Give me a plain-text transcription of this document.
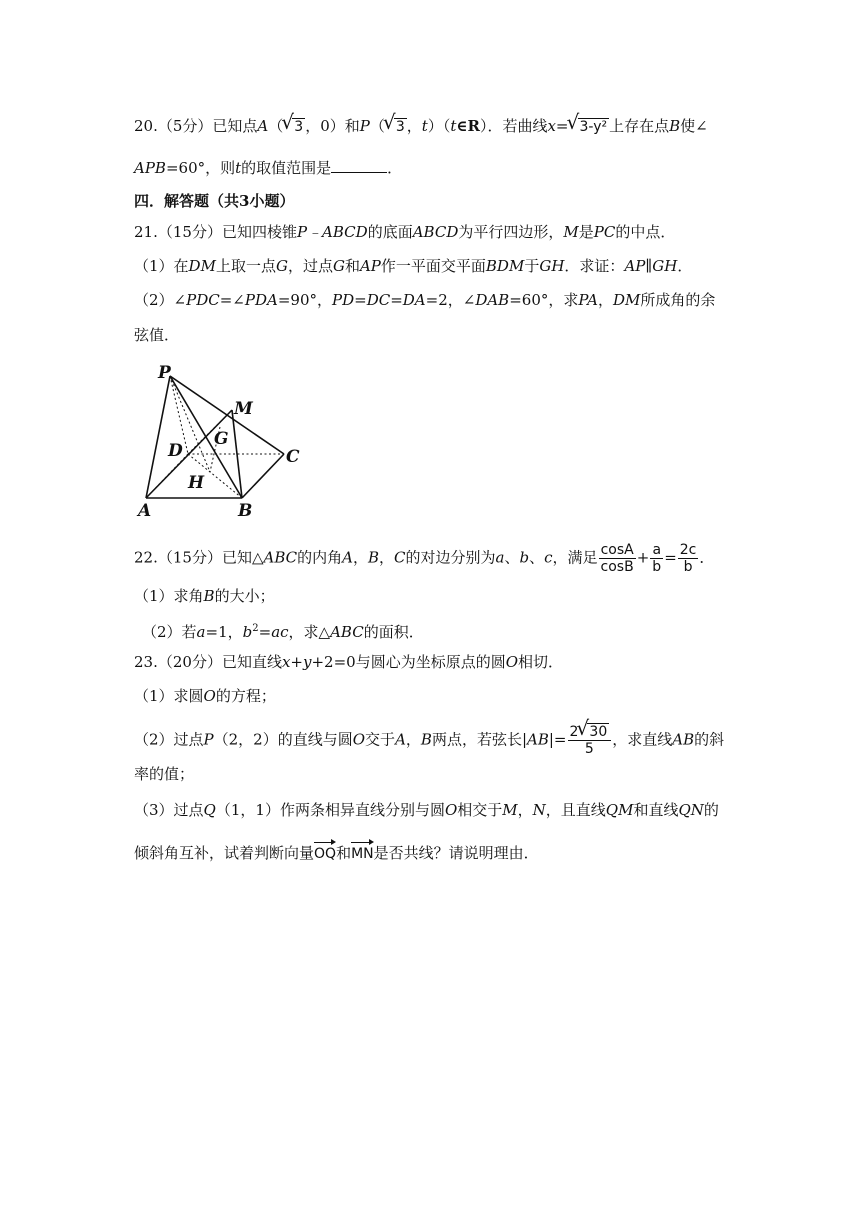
20.（5分）已知点A（ √ 3 ，0）和P（ √ 3 ，t）（t∈R）．若曲线x= √ 3-y² 上存在点B使∠
APB=60°，则t的取值范围是	．
四．解答题（共3小题）
21.（15分）已知四棱锥P﹣ABCD的底面ABCD为平行四边形，M是PC的中点．
（1）在DM上取一点G，过点G和AP作一平面交平面BDM于GH．求证：AP∥GH．
（2）∠PDC=∠PDA=90°，PD=DC=DA=2，∠DAB=60°，求PA，DM所成角的余
弦值．
P
M
G
D	C
H
A	B
22.（15分）已知△ABC的内角A，B，C的对边分别为a、b、c，满足 $\frac{\cos A}{\cos B} + \frac{a}{b} = \frac{2c}{b}$ ．
（1）求角B的大小；
（2）若a=1，$b^2=ac$，求△ABC的面积．
23.（20分）已知直线x+y+2=0与圆心为坐标原点的圆O相切．
（1）求圆O的方程；
（2）过点P（2，2）的直线与圆O交于A，B两点，若弦长$|AB|= \frac{2 √ 30}{5}$ ，求直线AB的斜
率的值；
（3）过点Q（1，1）作两条相异直线分别与圆O相交于M，N，且直线QM和直线QN的
倾斜角互补，试着判断向量OQ和MN是否共线？请说明理由．
